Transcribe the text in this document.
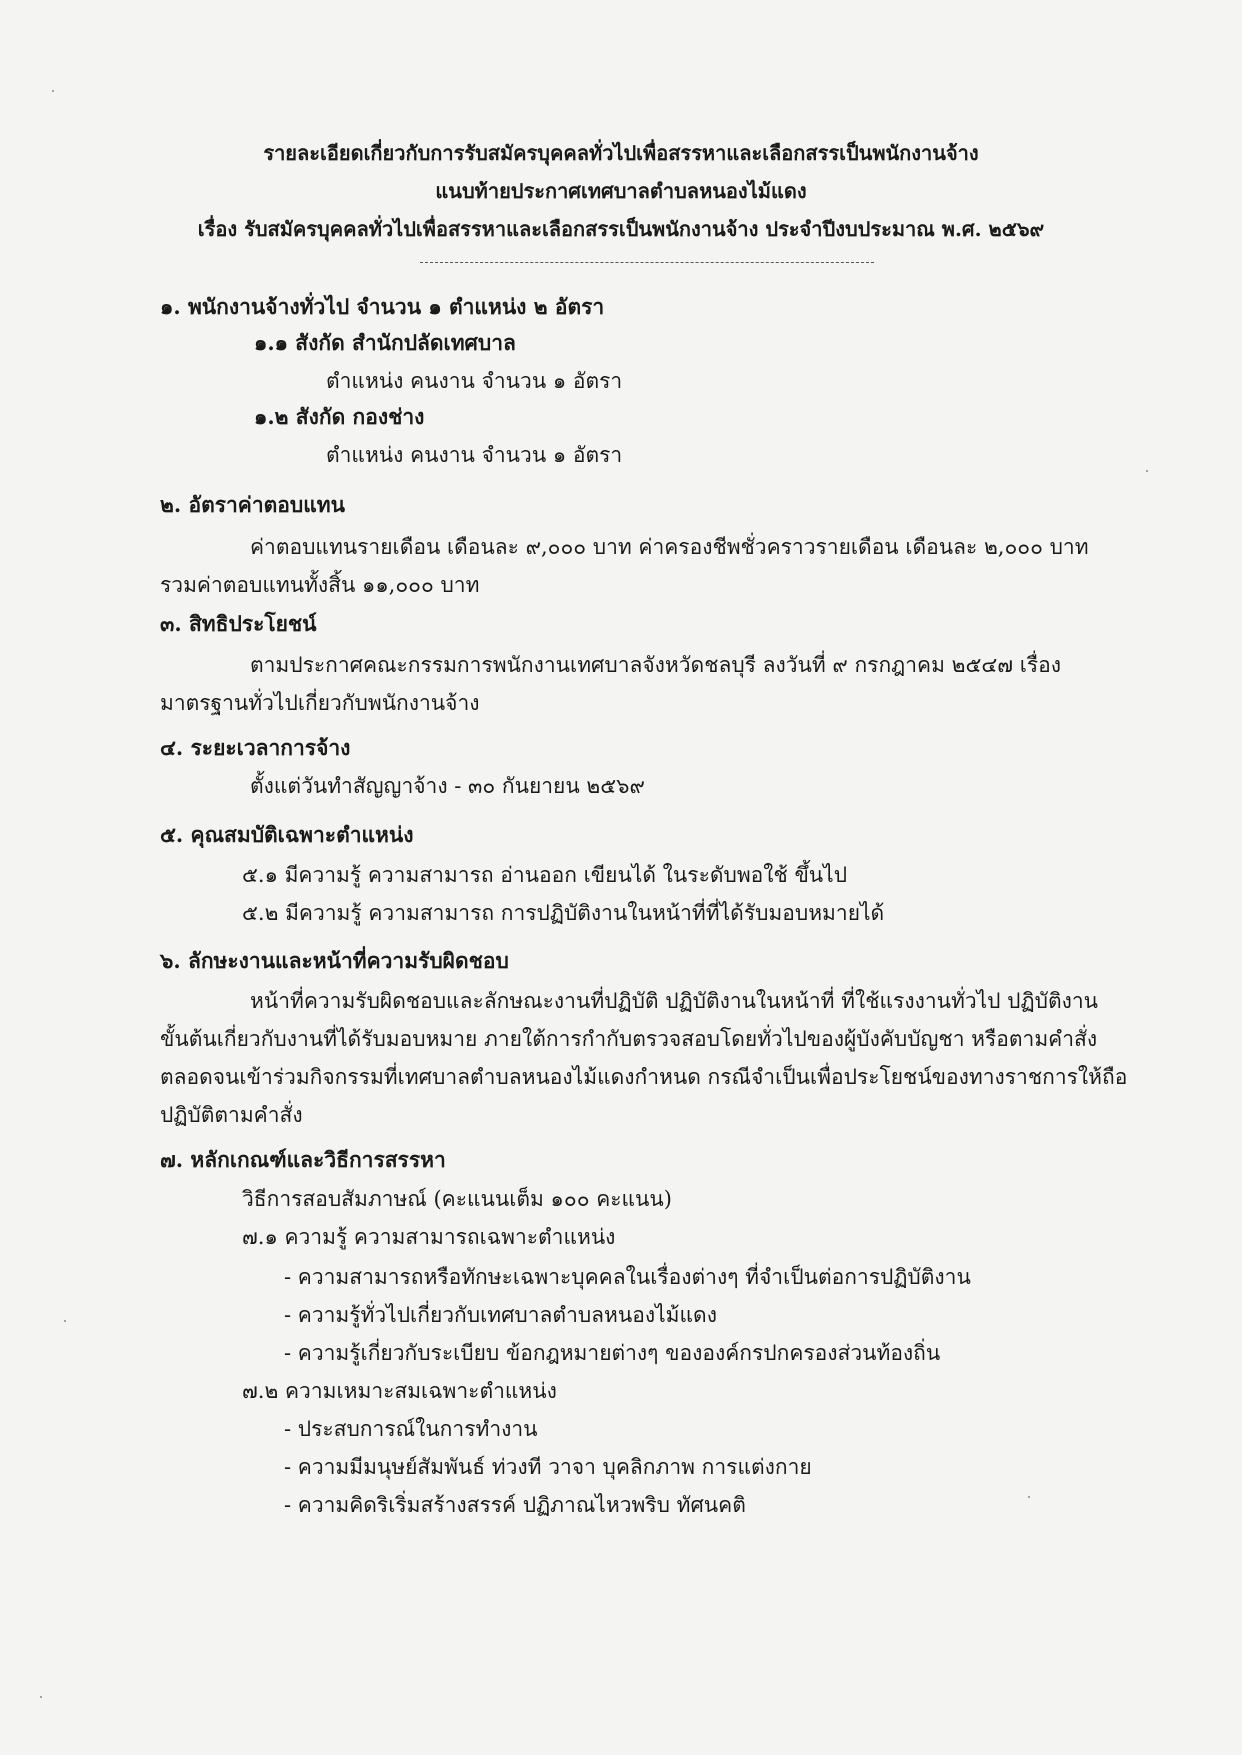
รายละเอียดเกี่ยวกับการรับสมัครบุคคลทั่วไปเพื่อสรรหาและเลือกสรรเป็นพนักงานจ้าง
แนบท้ายประกาศเทศบาลตำบลหนองไม้แดง
เรื่อง รับสมัครบุคคลทั่วไปเพื่อสรรหาและเลือกสรรเป็นพนักงานจ้าง ประจำปีงบประมาณ พ.ศ. ๒๕๖๙
๑. พนักงานจ้างทั่วไป จำนวน ๑ ตำแหน่ง ๒ อัตรา
๑.๑ สังกัด สำนักปลัดเทศบาล
ตำแหน่ง คนงาน จำนวน ๑ อัตรา
๑.๒ สังกัด กองช่าง
ตำแหน่ง คนงาน จำนวน ๑ อัตรา
๒. อัตราค่าตอบแทน
ค่าตอบแทนรายเดือน เดือนละ ๙,๐๐๐ บาท ค่าครองชีพชั่วคราวรายเดือน เดือนละ ๒,๐๐๐ บาท
รวมค่าตอบแทนทั้งสิ้น ๑๑,๐๐๐ บาท
๓. สิทธิประโยชน์
ตามประกาศคณะกรรมการพนักงานเทศบาลจังหวัดชลบุรี ลงวันที่ ๙ กรกฎาคม ๒๕๔๗ เรื่อง
มาตรฐานทั่วไปเกี่ยวกับพนักงานจ้าง
๔. ระยะเวลาการจ้าง
ตั้งแต่วันทำสัญญาจ้าง - ๓๐ กันยายน ๒๕๖๙
๕. คุณสมบัติเฉพาะตำแหน่ง
๕.๑ มีความรู้ ความสามารถ อ่านออก เขียนได้ ในระดับพอใช้ ขึ้นไป
๕.๒ มีความรู้ ความสามารถ การปฏิบัติงานในหน้าที่ที่ได้รับมอบหมายได้
๖. ลักษะงานและหน้าที่ความรับผิดชอบ
หน้าที่ความรับผิดชอบและลักษณะงานที่ปฏิบัติ ปฏิบัติงานในหน้าที่ ที่ใช้แรงงานทั่วไป ปฏิบัติงาน
ขั้นต้นเกี่ยวกับงานที่ได้รับมอบหมาย ภายใต้การกำกับตรวจสอบโดยทั่วไปของผู้บังคับบัญชา หรือตามคำสั่ง
ตลอดจนเข้าร่วมกิจกรรมที่เทศบาลตำบลหนองไม้แดงกำหนด กรณีจำเป็นเพื่อประโยชน์ของทางราชการให้ถือ
ปฏิบัติตามคำสั่ง
๗. หลักเกณฑ์และวิธีการสรรหา
วิธีการสอบสัมภาษณ์ (คะแนนเต็ม ๑๐๐ คะแนน)
๗.๑ ความรู้ ความสามารถเฉพาะตำแหน่ง
- ความสามารถหรือทักษะเฉพาะบุคคลในเรื่องต่างๆ ที่จำเป็นต่อการปฏิบัติงาน
- ความรู้ทั่วไปเกี่ยวกับเทศบาลตำบลหนองไม้แดง
- ความรู้เกี่ยวกับระเบียบ ข้อกฎหมายต่างๆ ขององค์กรปกครองส่วนท้องถิ่น
๗.๒ ความเหมาะสมเฉพาะตำแหน่ง
- ประสบการณ์ในการทำงาน
- ความมีมนุษย์สัมพันธ์ ท่วงที วาจา บุคลิกภาพ การแต่งกาย
- ความคิดริเริ่มสร้างสรรค์ ปฏิภาณไหวพริบ ทัศนคติ
